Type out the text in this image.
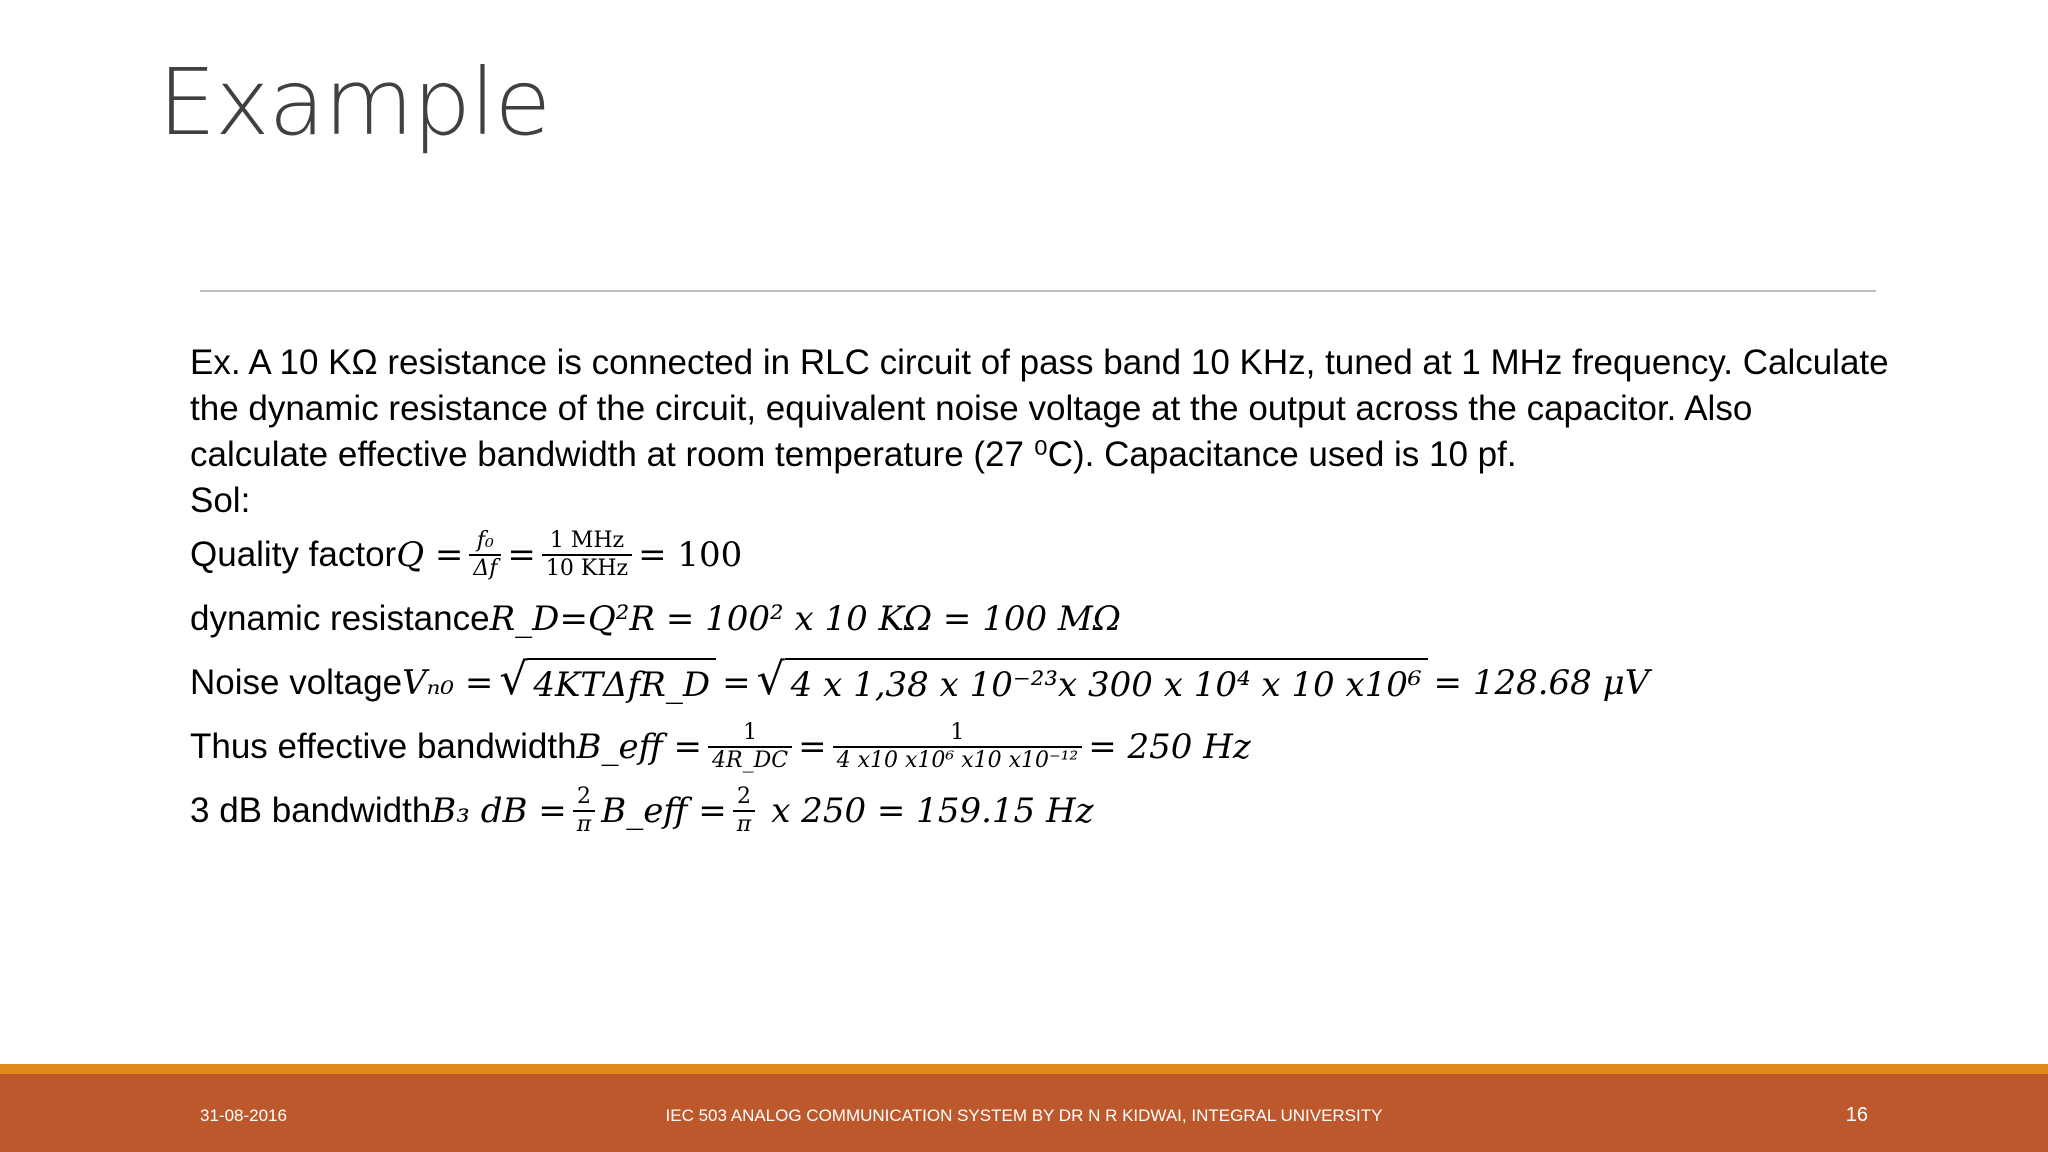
Example

Ex. A 10 KΩ resistance is connected in RLC circuit of pass band 10 KHz, tuned at 1 MHz frequency. Calculate
the dynamic resistance of the circuit, equivalent noise voltage at the output across the capacitor. Also
calculate effective bandwidth at room temperature (27 ⁰C). Capacitance used is 10 pf.
Sol:

Quality factor $Q = \frac{\text{f₀}}{\Delta f} = \frac{\text{1 MHz}}{\text{10 KHz}} = 100$
dynamic resistance R_D=Q²R = 100² x 10 KΩ = 100 MΩ
Noise voltage Vₙ₀ = √ 4KTΔfR_D = √ 4 x 1,38 x 10⁻²³x 300 x 10⁴ x 10 x10⁶ = 128.68 μV
Thus effective bandwidth B_eff = $\frac{1}{4R\_DC} = \frac{1}{\text{4 x10 x10⁶ x10 x10⁻¹²}} = 250$ Hz
3 dB bandwidth B₃ dB = $\frac{2}{\pi}$ B_eff = $\frac{2}{\pi}$ x 250 = 159.15 Hz
31-08-2016	IEC 503 ANALOG COMMUNICATION SYSTEM BY DR N R KIDWAI, INTEGRAL UNIVERSITY	16
